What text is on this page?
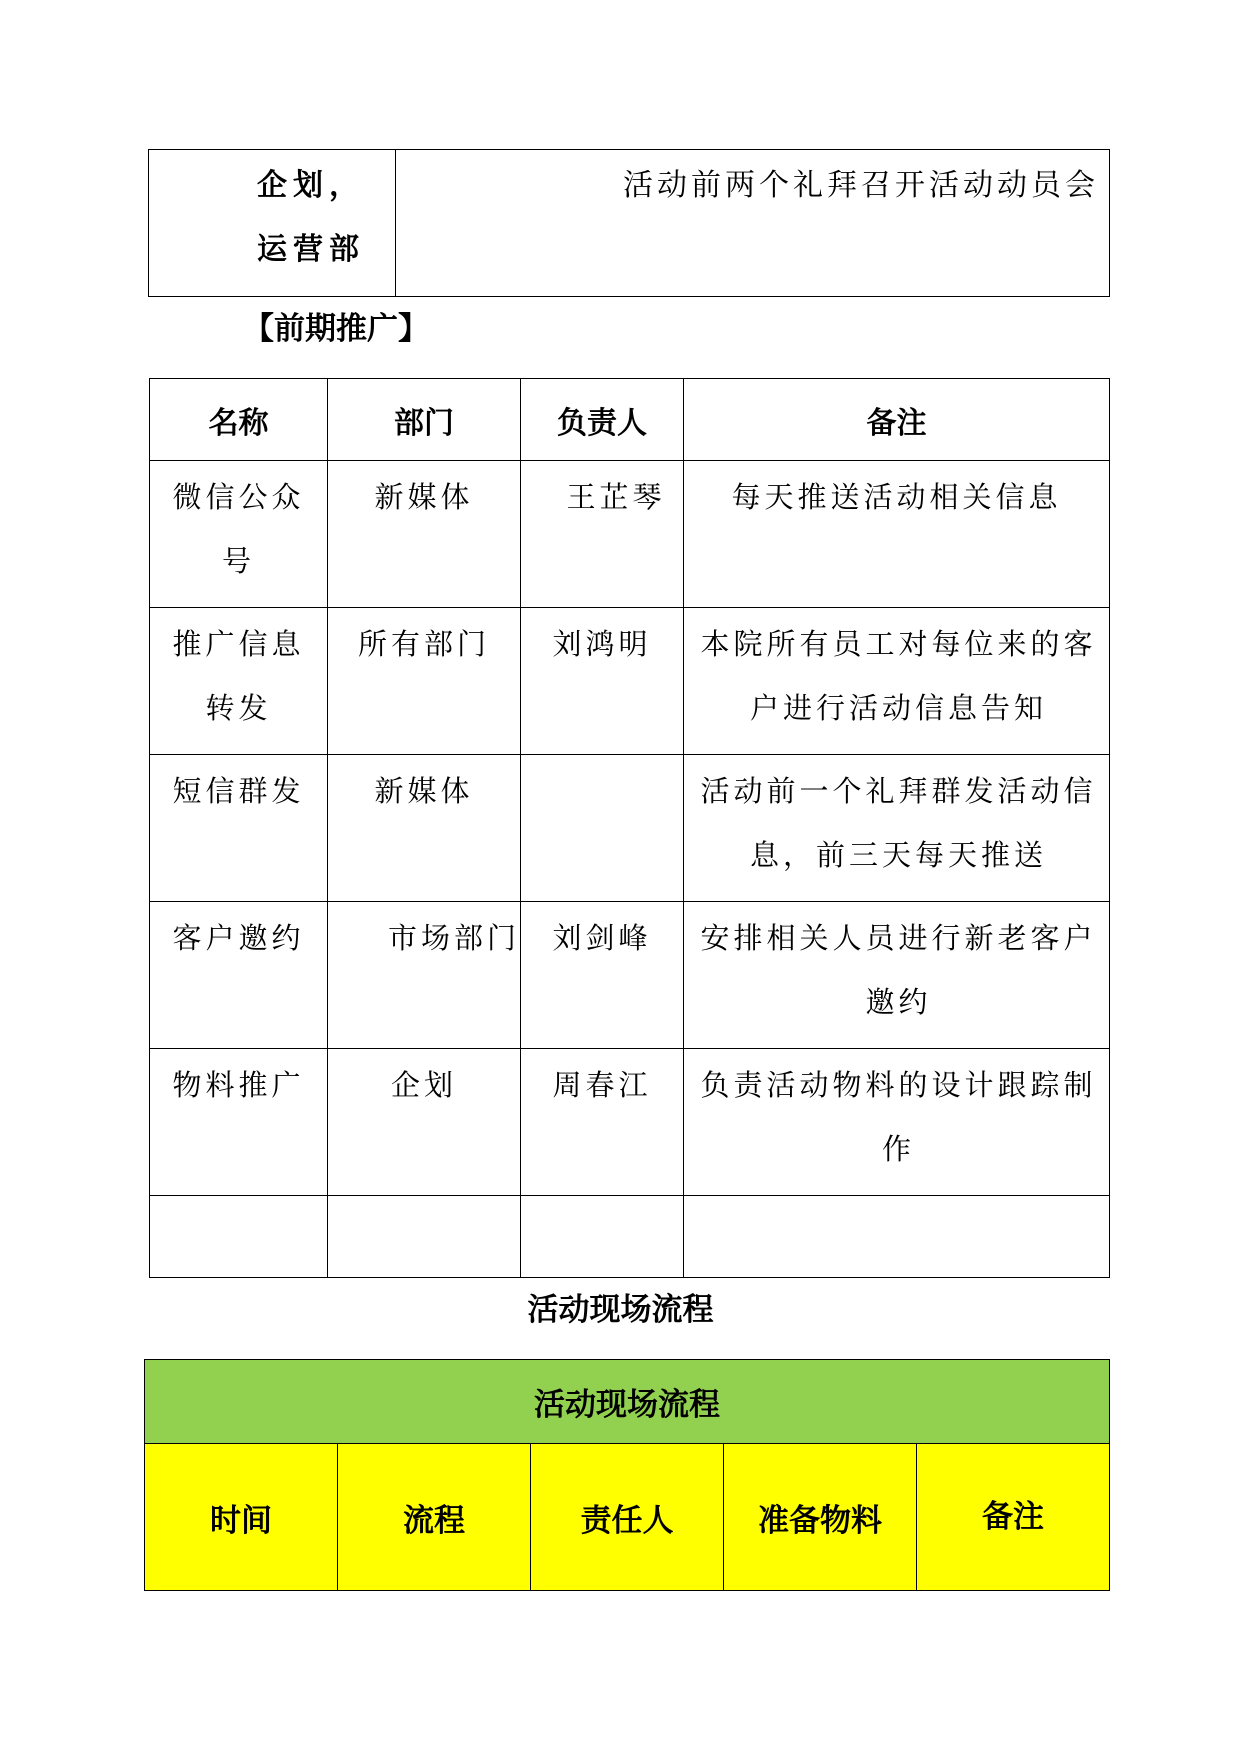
企划，运营部
	活动前两个礼拜召开活动动员会
【前期推广】
名称	部门	负责人	备注
微信公众号	新媒体	王芷琴	每天推送活动相关信息
推广信息转发	所有部门	刘鸿明	本院所有员工对每位来的客户进行活动信息告知
短信群发	新媒体		活动前一个礼拜群发活动信息，前三天每天推送
客户邀约	市场部门	刘剑峰	安排相关人员进行新老客户邀约
物料推广	企划	周春江	负责活动物料的设计跟踪制作

活动现场流程
活动现场流程
时间	流程	责任人	准备物料	备注
